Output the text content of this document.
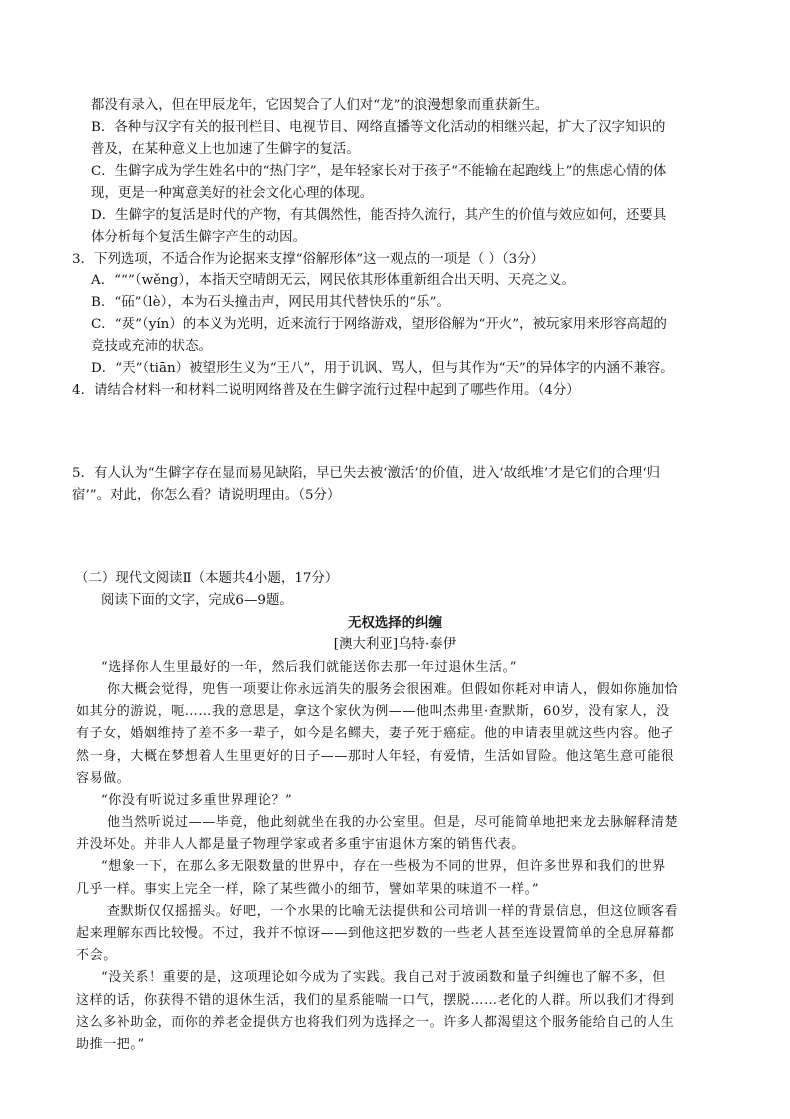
都没有录入，但在甲辰龙年，它因契合了人们对“龙”的浪漫想象而重获新生。
B．各种与汉字有关的报刊栏目、电视节目、网络直播等文化活动的相继兴起，扩大了汉字知识的
普及，在某种意义上也加速了生僻字的复活。
C．生僻字成为学生姓名中的“热门字”，是年轻家长对于孩子“不能输在起跑线上”的焦虑心情的体
现，更是一种寓意美好的社会文化心理的体现。
D．生僻字的复活是时代的产物，有其偶然性，能否持久流行，其产生的价值与效应如何，还要具
体分析每个复活生僻字产生的动因。
3．下列选项，不适合作为论据来支撑“俗解形体”这一观点的一项是（ ）（3分）
A．““”（wěng），本指天空晴朗无云，网民依其形体重新组合出天明、天亮之义。
B．“砳”（lè），本为石头撞击声，网民用其代替快乐的“乐”。
C．“烎”（yín）的本义为光明，近来流行于网络游戏，望形俗解为“开火”，被玩家用来形容高超的
竞技或充沛的状态。
D．“兲”（tiān）被望形生义为“王八”，用于讥讽、骂人，但与其作为“天”的异体字的内涵不兼容。
4．请结合材料一和材料二说明网络普及在生僻字流行过程中起到了哪些作用。（4分）
5．有人认为“生僻字存在显而易见缺陷，早已失去被‘激活’的价值，进入‘故纸堆’才是它们的合理‘归
宿’”。对此，你怎么看？请说明理由。（5分）
（二）现代文阅读Ⅱ（本题共4小题，17分）
阅读下面的文字，完成6—9题。
无权选择的纠缠
[澳大利亚]乌特·泰伊
“选择你人生里最好的一年，然后我们就能送你去那一年过退休生活。”
你大概会觉得，兜售一项要让你永远消失的服务会很困难。但假如你耗对申请人，假如你施加恰
如其分的游说，呃……我的意思是，拿这个家伙为例——他叫杰弗里·查默斯，60岁，没有家人，没
有子女，婚姻维持了差不多一辈子，如今是名鳏夫，妻子死于癌症。他的申请表里就这些内容。他孑
然一身，大概在梦想着人生里更好的日子——那时人年轻，有爱情，生活如冒险。他这笔生意可能很
容易做。
“你没有听说过多重世界理论？”
他当然听说过——毕竟，他此刻就坐在我的办公室里。但是，尽可能简单地把来龙去脉解释清楚
并没坏处。并非人人都是量子物理学家或者多重宇宙退休方案的销售代表。
“想象一下，在那么多无限数量的世界中，存在一些极为不同的世界，但许多世界和我们的世界
几乎一样。事实上完全一样，除了某些微小的细节，譬如苹果的味道不一样。”
查默斯仅仅摇摇头。好吧，一个水果的比喻无法提供和公司培训一样的背景信息，但这位顾客看
起来理解东西比较慢。不过，我并不惊讶——到他这把岁数的一些老人甚至连设置简单的全息屏幕都
不会。
“没关系！重要的是，这项理论如今成为了实践。我自己对于波函数和量子纠缠也了解不多，但
这样的话，你获得不错的退休生活，我们的星系能喘一口气，摆脱……老化的人群。所以我们才得到
这么多补助金，而你的养老金提供方也将我们列为选择之一。许多人都渴望这个服务能给自己的人生
助推一把。”
